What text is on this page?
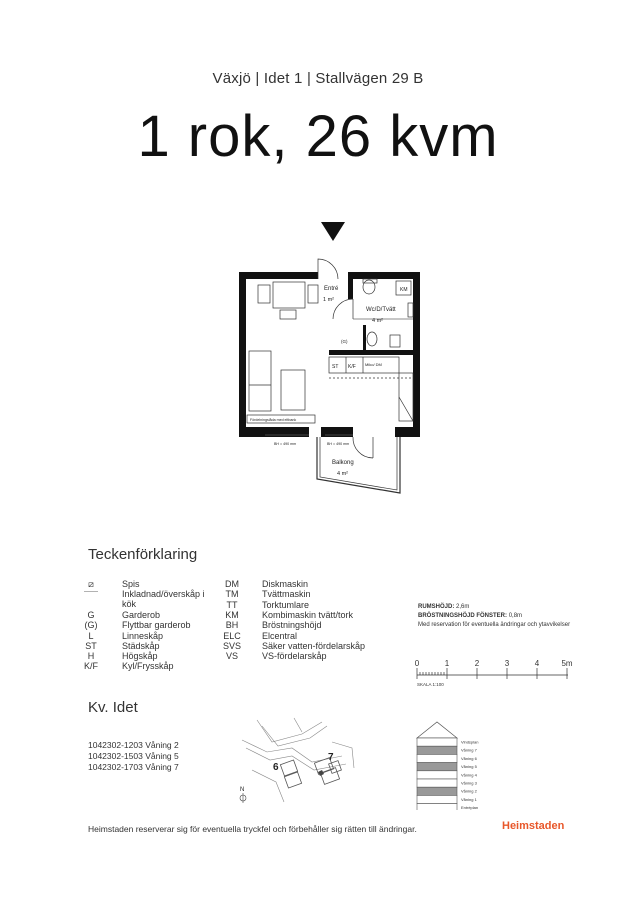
Växjö | Idet 1 | Stallvägen 29 B
1 rok, 26 kvm
Entré
1 m²
Wc/D/Tvätt
4 m²
KM
ST K/F Miko/ DM
(G)
Fördelningslåda med eltbank
BH = 490 mm	BH = 490 mm
Balkong
4 m²
Teckenförklaring
⧄	Spis
-------	Inkladnad/överskåp i kök
G	Garderob
(G)	Flyttbar garderob
L	Linneskåp
ST	Städskåp
H	Högskåp
K/F	Kyl/Frysskåp
DM	Diskmaskin
TM	Tvättmaskin
TT	Torktumlare
KM	Kombimaskin tvätt/tork
BH	Bröstningshöjd
ELC	Elcentral
SVS	Säker vatten-fördelarskåp
VS	VS-fördelarskåp
RUMSHÖJD: 2,6m
BRÖSTNINGSHÖJD FÖNSTER: 0,8m
Med reservation för eventuella ändringar och ytavvikelser
0	1	2	3	4	5m
SKALA 1:100
Kv. Idet
1042302-1203 Våning 2
1042302-1503 Våning 5
1042302-1703 Våning 7	6
7
N
Vindsplan
Våning 7
Våning 6
Våning 5
Våning 4
Våning 3
Våning 2
Våning 1
Entréplan
Heimstaden reserverar sig för eventuella tryckfel och förbehåller sig rätten till ändringar.	Heimstaden
